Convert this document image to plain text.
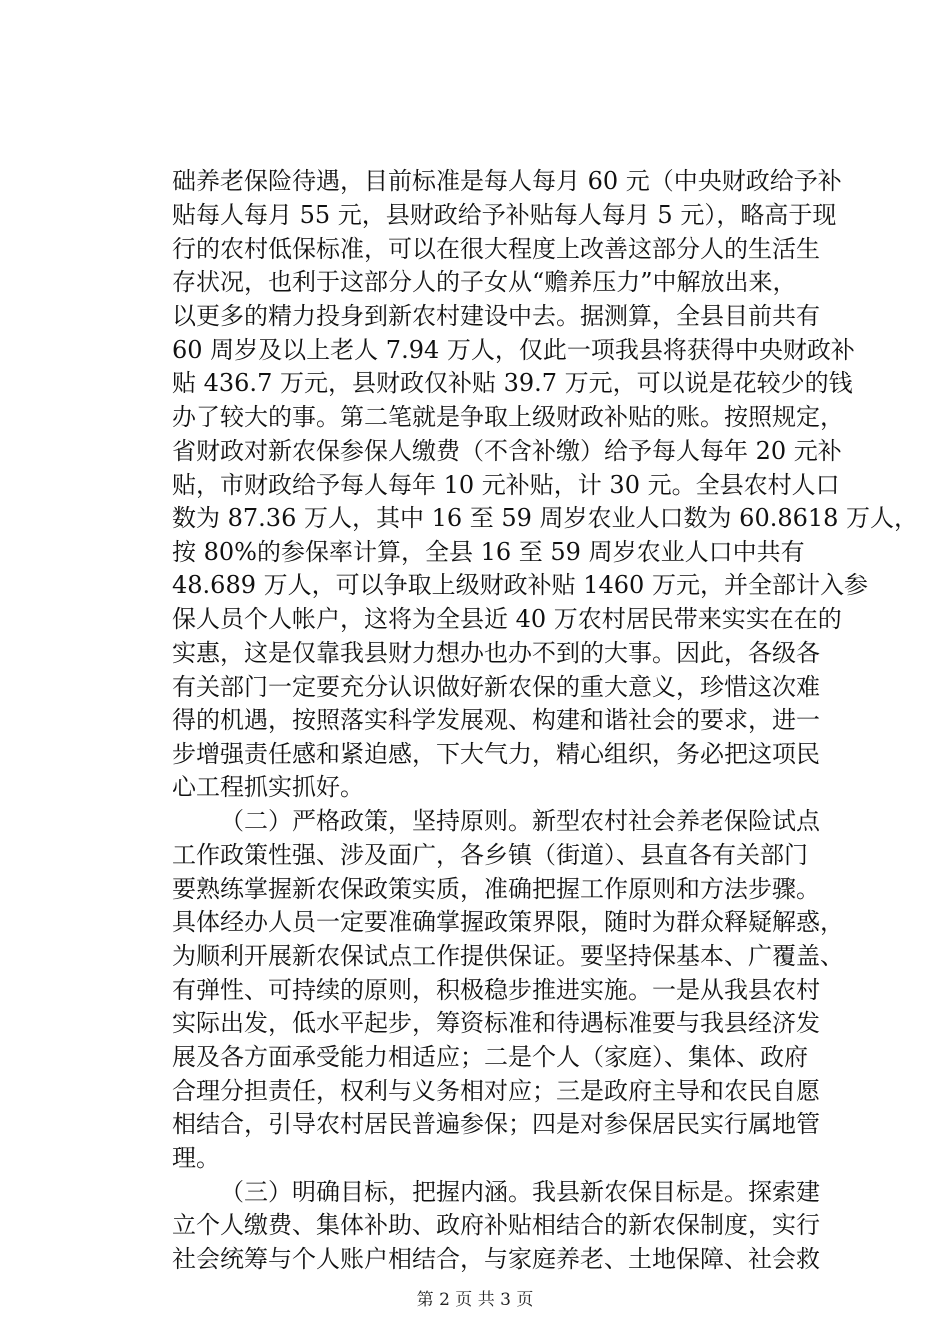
础养老保险待遇，目前标准是每人每月 60 元（中央财政给予补
贴每人每月 55 元，县财政给予补贴每人每月 5 元），略高于现
行的农村低保标准，可以在很大程度上改善这部分人的生活生
存状况，也利于这部分人的子女从“赡养压力”中解放出来，
以更多的精力投身到新农村建设中去。据测算，全县目前共有
60 周岁及以上老人 7.94 万人，仅此一项我县将获得中央财政补
贴 436.7 万元，县财政仅补贴 39.7 万元，可以说是花较少的钱
办了较大的事。第二笔就是争取上级财政补贴的账。按照规定，
省财政对新农保参保人缴费（不含补缴）给予每人每年 20 元补
贴，市财政给予每人每年 10 元补贴，计 30 元。全县农村人口
数为 87.36 万人，其中 16 至 59 周岁农业人口数为 60.8618 万人，
按 80%的参保率计算，全县 16 至 59 周岁农业人口中共有
48.689 万人，可以争取上级财政补贴 1460 万元，并全部计入参
保人员个人帐户，这将为全县近 40 万农村居民带来实实在在的
实惠，这是仅靠我县财力想办也办不到的大事。因此，各级各
有关部门一定要充分认识做好新农保的重大意义，珍惜这次难
得的机遇，按照落实科学发展观、构建和谐社会的要求，进一
步增强责任感和紧迫感，下大气力，精心组织，务必把这项民
心工程抓实抓好。
（二）严格政策，坚持原则。新型农村社会养老保险试点
工作政策性强、涉及面广，各乡镇（街道）、县直各有关部门
要熟练掌握新农保政策实质，准确把握工作原则和方法步骤。
具体经办人员一定要准确掌握政策界限，随时为群众释疑解惑，
为顺利开展新农保试点工作提供保证。要坚持保基本、广覆盖、
有弹性、可持续的原则，积极稳步推进实施。一是从我县农村
实际出发，低水平起步，筹资标准和待遇标准要与我县经济发
展及各方面承受能力相适应；二是个人（家庭）、集体、政府
合理分担责任，权利与义务相对应；三是政府主导和农民自愿
相结合，引导农村居民普遍参保；四是对参保居民实行属地管
理。
（三）明确目标，把握内涵。我县新农保目标是。探索建
立个人缴费、集体补助、政府补贴相结合的新农保制度，实行
社会统筹与个人账户相结合，与家庭养老、土地保障、社会救
第 2 页 共 3 页
